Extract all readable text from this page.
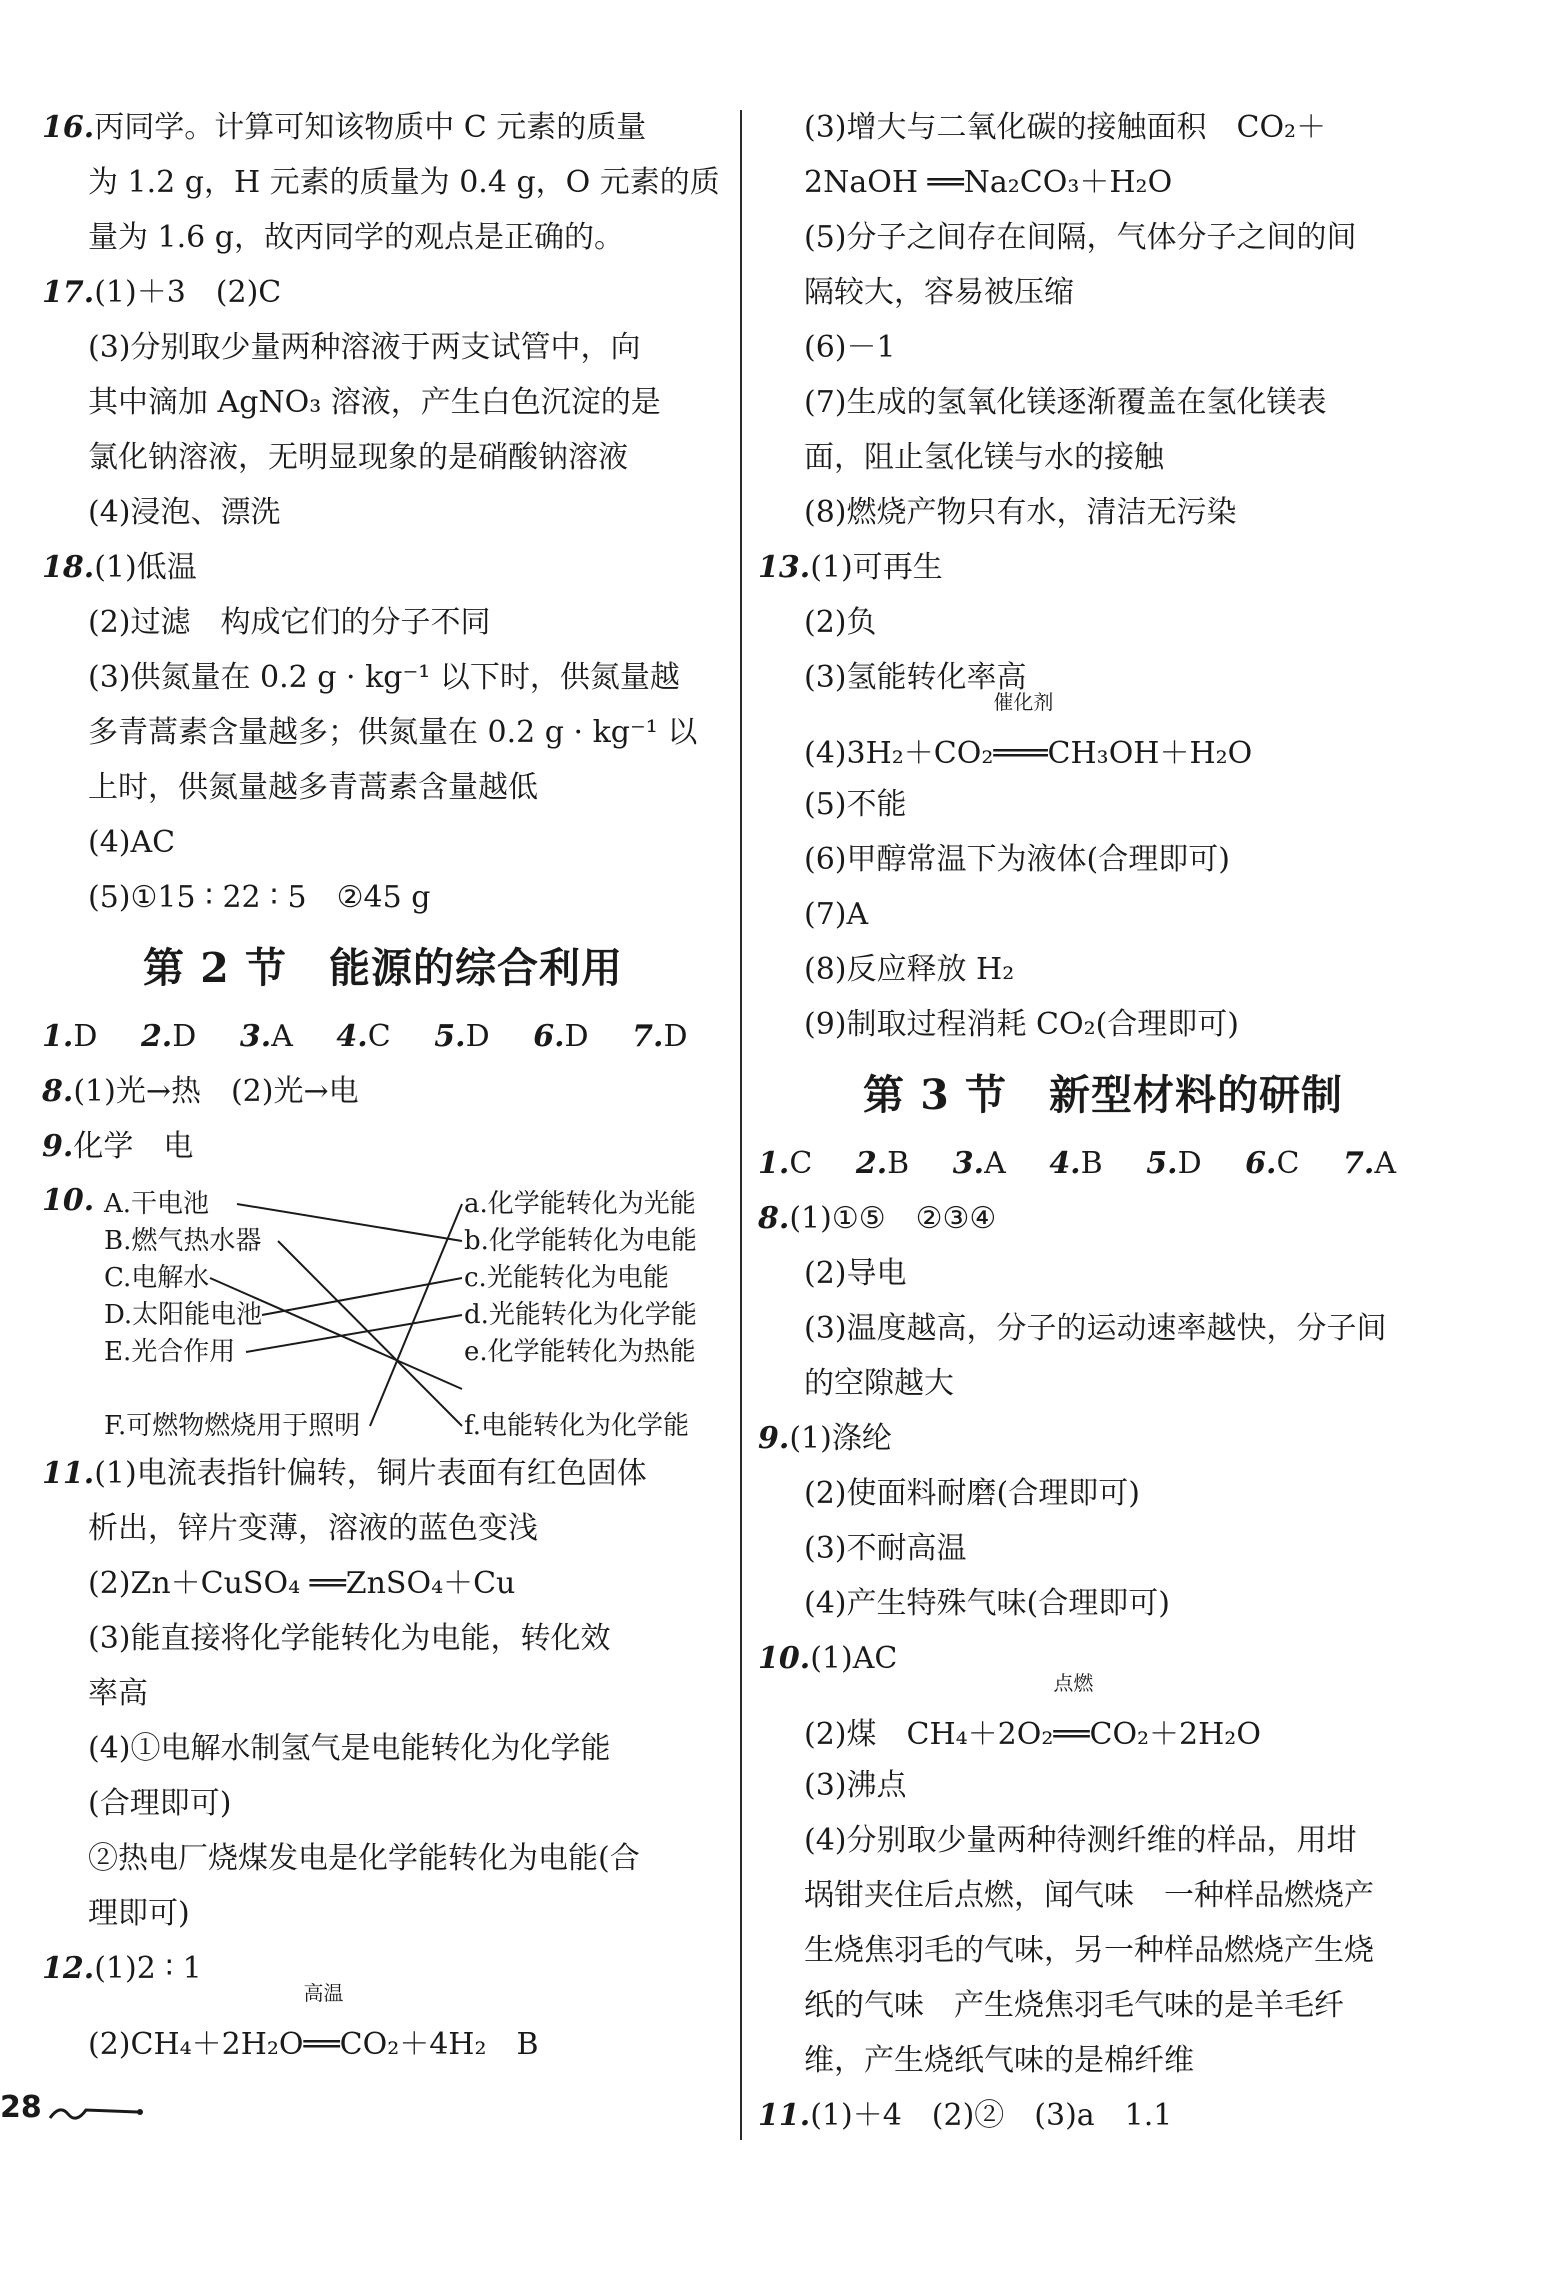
16.丙同学。计算可知该物质中 C 元素的质量
为 1.2 g，H 元素的质量为 0.4 g，O 元素的质
量为 1.6 g，故丙同学的观点是正确的。
17.(1)＋3　(2)C
(3)分别取少量两种溶液于两支试管中，向
其中滴加 AgNO₃ 溶液，产生白色沉淀的是
氯化钠溶液，无明显现象的是硝酸钠溶液
(4)浸泡、漂洗
18.(1)低温
(2)过滤　构成它们的分子不同
(3)供氮量在 0.2 g · kg⁻¹ 以下时，供氮量越
多青蒿素含量越多；供氮量在 0.2 g · kg⁻¹ 以
上时，供氮量越多青蒿素含量越低
(4)AC
(5)①15 ∶ 22 ∶ 5　②45 g
第 2 节　能源的综合利用
1.D 2.D 3.A 4.C 5.D 6.D 7.D
8.(1)光→热　(2)光→电
9.化学　电
10. A.干电池
B.燃气热水器
C.电解水
D.太阳能电池
E.光合作用
F.可燃物燃烧用于照明
a.化学能转化为光能
b.化学能转化为电能
c.光能转化为电能
d.光能转化为化学能
e.化学能转化为热能
f.电能转化为化学能
11.(1)电流表指针偏转，铜片表面有红色固体
析出，锌片变薄，溶液的蓝色变浅
(2)Zn＋CuSO₄ ══ZnSO₄＋Cu
(3)能直接将化学能转化为电能，转化效
率高
(4)①电解水制氢气是电能转化为化学能
(合理即可)
②热电厂烧煤发电是化学能转化为电能(合
理即可)
12.(1)2 ∶ 1
(2)CH₄＋2H₂O
高温
══CO₂＋4H₂　B
(3)增大与二氧化碳的接触面积　CO₂＋
2NaOH ══Na₂CO₃＋H₂O
(5)分子之间存在间隔，气体分子之间的间
隔较大，容易被压缩
(6)－1
(7)生成的氢氧化镁逐渐覆盖在氢化镁表
面，阻止氢化镁与水的接触
(8)燃烧产物只有水，清洁无污染
13.(1)可再生
(2)负
(3)氢能转化率高
(4)3H₂＋CO₂
催化剂
═══CH₃OH＋H₂O
(5)不能
(6)甲醇常温下为液体(合理即可)
(7)A
(8)反应释放 H₂
(9)制取过程消耗 CO₂(合理即可)
第 3 节　新型材料的研制
1.C 2.B 3.A 4.B 5.D 6.C 7.A
8.(1)①⑤　②③④
(2)导电
(3)温度越高，分子的运动速率越快，分子间
的空隙越大
9.(1)涤纶
(2)使面料耐磨(合理即可)
(3)不耐高温
(4)产生特殊气味(合理即可)
10.(1)AC
(2)煤　CH₄＋2O₂
点燃
══CO₂＋2H₂O
(3)沸点
(4)分别取少量两种待测纤维的样品，用坩
埚钳夹住后点燃，闻气味　一种样品燃烧产
生烧焦羽毛的气味，另一种样品燃烧产生烧
纸的气味　产生烧焦羽毛气味的是羊毛纤
维，产生烧纸气味的是棉纤维
11.(1)＋4　(2)②　(3)a　1.1
28
